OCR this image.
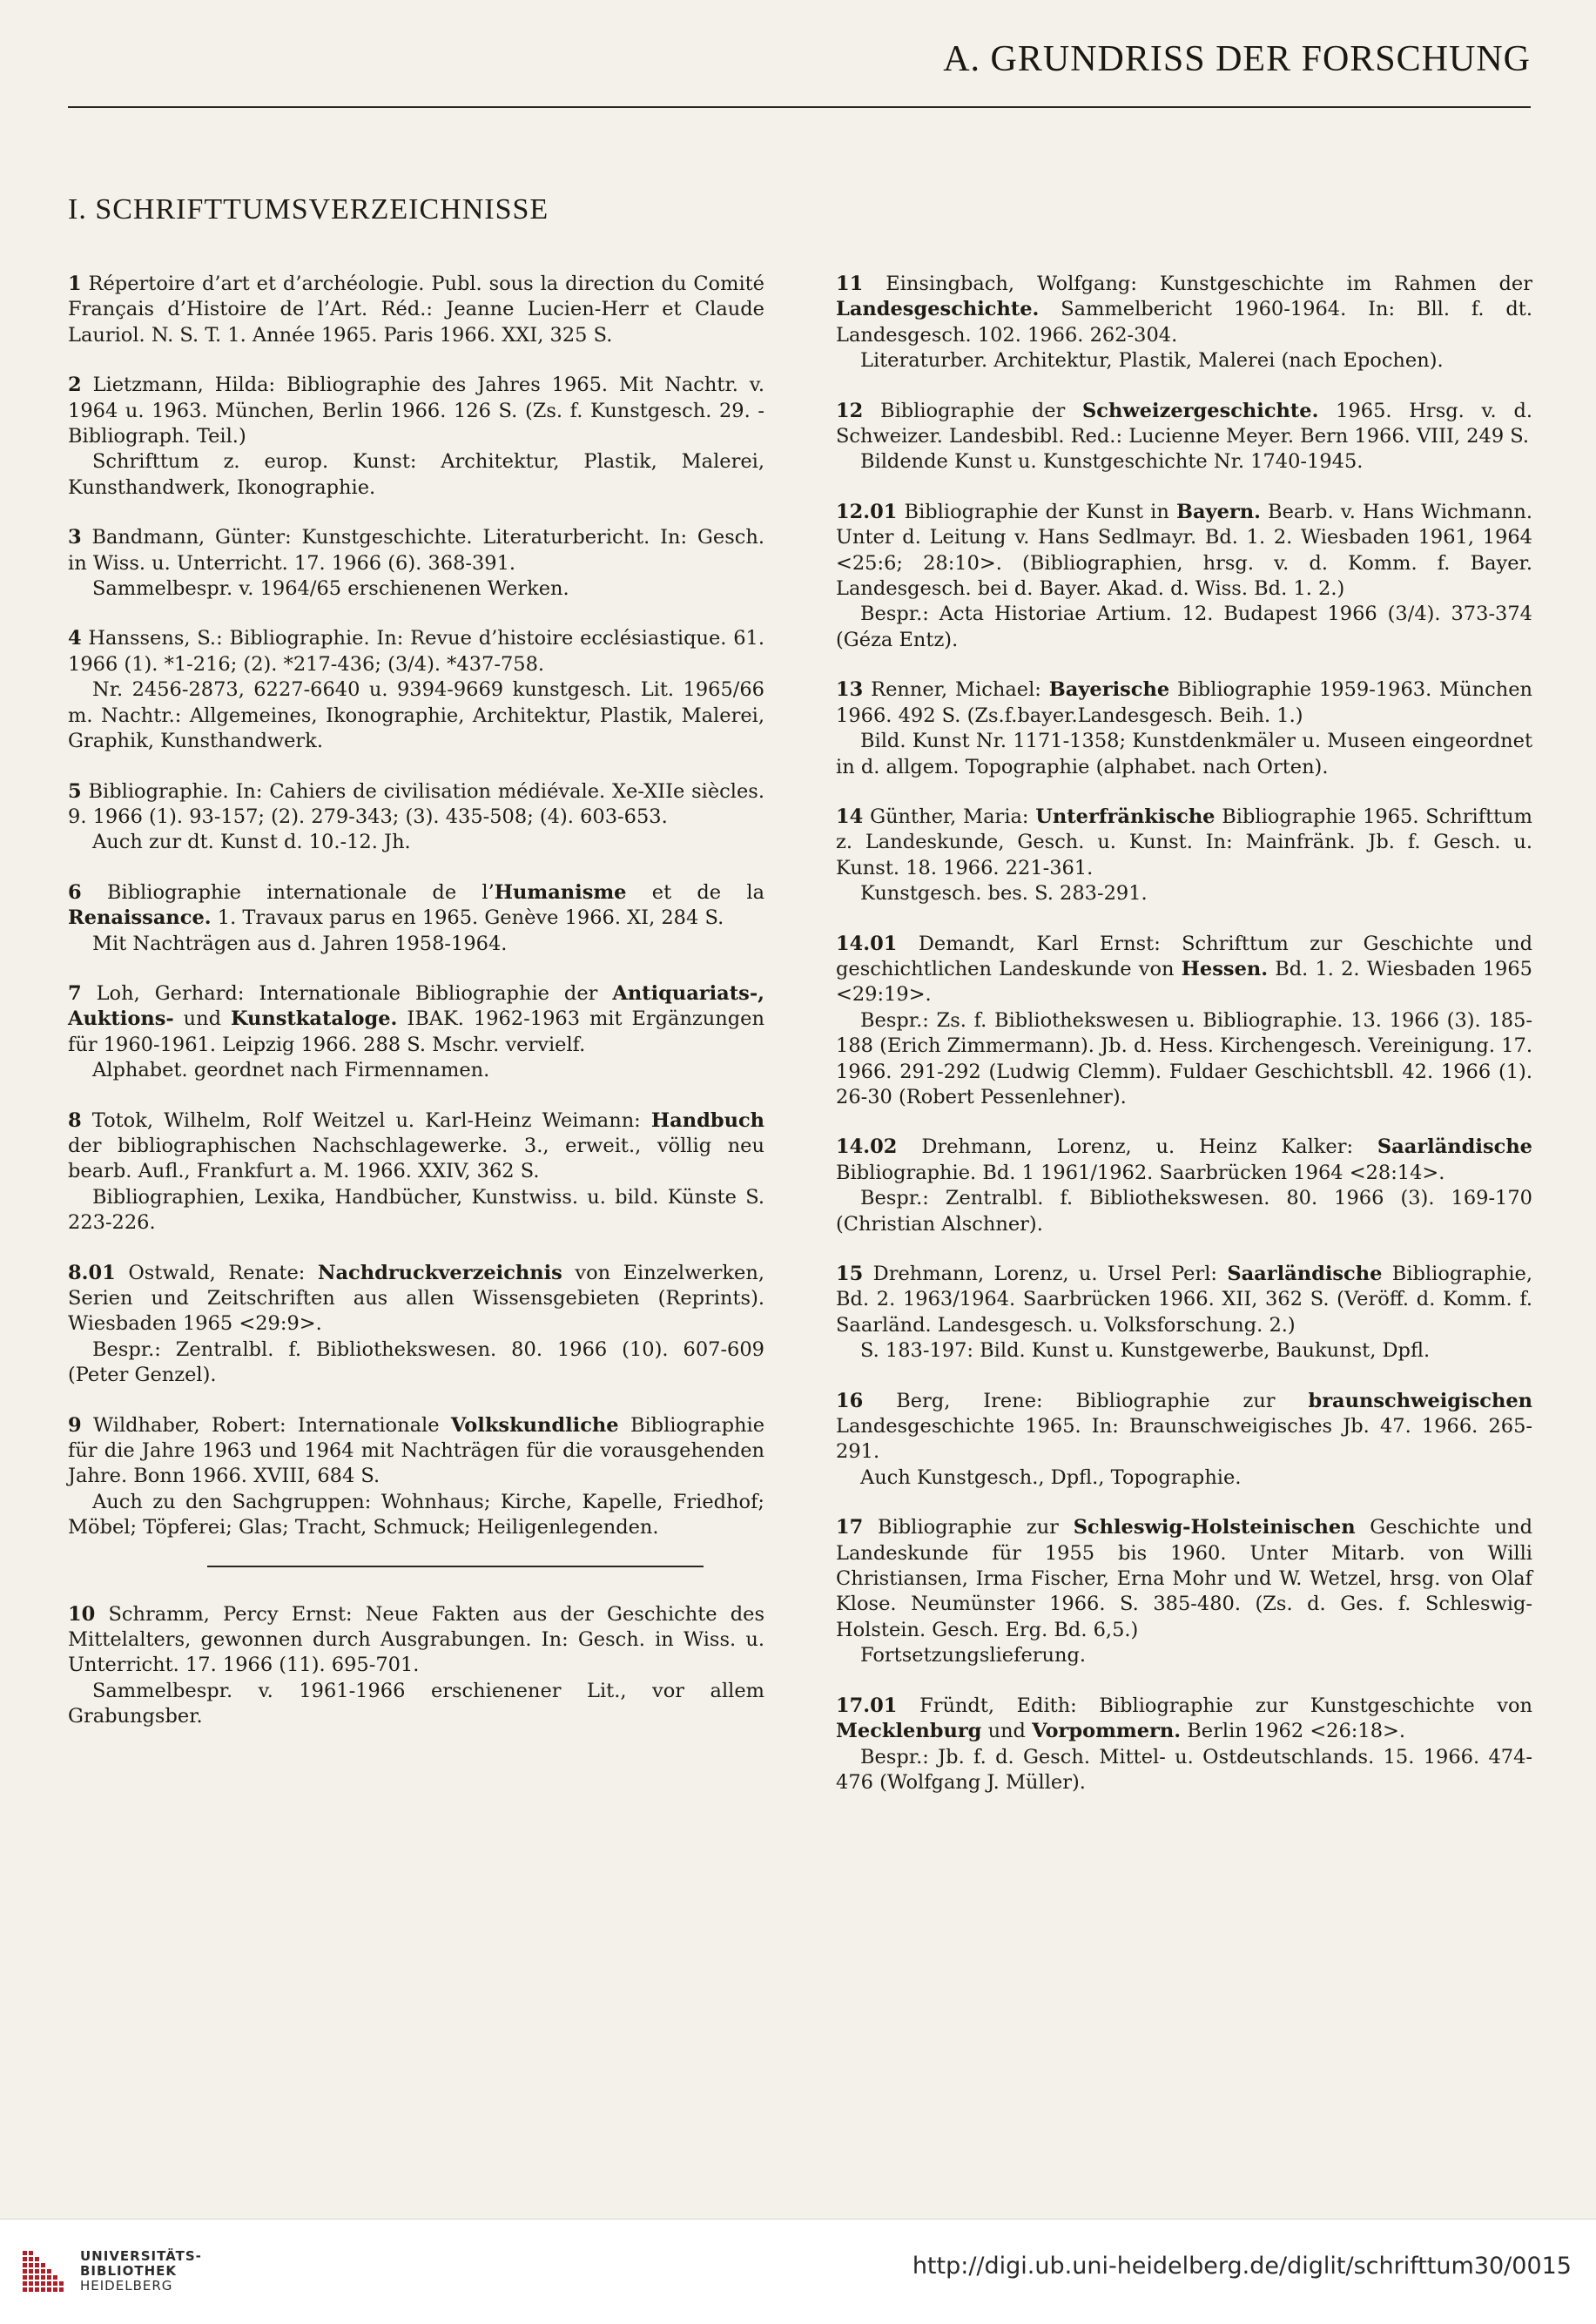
A. GRUNDRISS DER FORSCHUNG
I. SCHRIFTTUMSVERZEICHNISSE

1 Répertoire d’art et d’archéologie. Publ. sous la direction du Comité Français d’Histoire de l’Art. Réd.: Jeanne Lucien-Herr et Claude Lauriol. N. S. T. 1. Année 1965. Paris 1966. XXI, 325 S.

2 Lietzmann, Hilda: Bibliographie des Jahres 1965. Mit Nachtr. v. 1964 u. 1963. München, Berlin 1966. 126 S. (Zs. f. Kunstgesch. 29. - Bibliograph. Teil.)

Schrifttum z. europ. Kunst: Architektur, Plastik, Malerei, Kunsthandwerk, Ikonographie.

3 Bandmann, Günter: Kunstgeschichte. Literaturbericht. In: Gesch. in Wiss. u. Unterricht. 17. 1966 (6). 368-391.

Sammelbespr. v. 1964/65 erschienenen Werken.

4 Hanssens, S.: Bibliographie. In: Revue d’histoire ecclésiastique. 61. 1966 (1). *1-216; (2). *217-436; (3/4). *437-758.

Nr. 2456-2873, 6227-6640 u. 9394-9669 kunstgesch. Lit. 1965/66 m. Nachtr.: Allgemeines, Ikonographie, Architektur, Plastik, Malerei, Graphik, Kunsthandwerk.

5 Bibliographie. In: Cahiers de civilisation médiévale. Xe-XIIe siècles. 9. 1966 (1). 93-157; (2). 279-343; (3). 435-508; (4). 603-653.

Auch zur dt. Kunst d. 10.-12. Jh.

6 Bibliographie internationale de l’Humanisme et de la Renaissance. 1. Travaux parus en 1965. Genève 1966. XI, 284 S.

Mit Nachträgen aus d. Jahren 1958-1964.

7 Loh, Gerhard: Internationale Bibliographie der Antiquariats-, Auktions- und Kunstkataloge. IBAK. 1962-1963 mit Ergänzungen für 1960-1961. Leipzig 1966. 288 S. Mschr. vervielf.

Alphabet. geordnet nach Firmennamen.

8 Totok, Wilhelm, Rolf Weitzel u. Karl-Heinz Weimann: Handbuch der bibliographischen Nachschlagewerke. 3., erweit., völlig neu bearb. Aufl., Frankfurt a. M. 1966. XXIV, 362 S.

Bibliographien, Lexika, Handbücher, Kunstwiss. u. bild. Künste S. 223-226.

8.01 Ostwald, Renate: Nachdruckverzeichnis von Einzelwerken, Serien und Zeitschriften aus allen Wissensgebieten (Reprints). Wiesbaden 1965 <29:9>.

Bespr.: Zentralbl. f. Bibliothekswesen. 80. 1966 (10). 607-609 (Peter Genzel).

9 Wildhaber, Robert: Internationale Volkskundliche Bibliographie für die Jahre 1963 und 1964 mit Nachträgen für die vorausgehenden Jahre. Bonn 1966. XVIII, 684 S.

Auch zu den Sachgruppen: Wohnhaus; Kirche, Kapelle, Friedhof; Möbel; Töpferei; Glas; Tracht, Schmuck; Heiligenlegenden.

10 Schramm, Percy Ernst: Neue Fakten aus der Geschichte des Mittelalters, gewonnen durch Ausgrabungen. In: Gesch. in Wiss. u. Unterricht. 17. 1966 (11). 695-701.

Sammelbespr. v. 1961-1966 erschienener Lit., vor allem Grabungsber.

11 Einsingbach, Wolfgang: Kunstgeschichte im Rahmen der Landesgeschichte. Sammelbericht 1960-1964. In: Bll. f. dt. Landesgesch. 102. 1966. 262-304.

Literaturber. Architektur, Plastik, Malerei (nach Epochen).

12 Bibliographie der Schweizergeschichte. 1965. Hrsg. v. d. Schweizer. Landesbibl. Red.: Lucienne Meyer. Bern 1966. VIII, 249 S.

Bildende Kunst u. Kunstgeschichte Nr. 1740-1945.

12.01 Bibliographie der Kunst in Bayern. Bearb. v. Hans Wichmann. Unter d. Leitung v. Hans Sedlmayr. Bd. 1. 2. Wiesbaden 1961, 1964 <25:6; 28:10>. (Bibliographien, hrsg. v. d. Komm. f. Bayer. Landesgesch. bei d. Bayer. Akad. d. Wiss. Bd. 1. 2.)

Bespr.: Acta Historiae Artium. 12. Budapest 1966 (3/4). 373-374 (Géza Entz).

13 Renner, Michael: Bayerische Bibliographie 1959-1963. München 1966. 492 S. (Zs.f.bayer.Landesgesch. Beih. 1.)

Bild. Kunst Nr. 1171-1358; Kunstdenkmäler u. Museen eingeordnet in d. allgem. Topographie (alphabet. nach Orten).

14 Günther, Maria: Unterfränkische Bibliographie 1965. Schrifttum z. Landeskunde, Gesch. u. Kunst. In: Mainfränk. Jb. f. Gesch. u. Kunst. 18. 1966. 221-361.

Kunstgesch. bes. S. 283-291.

14.01 Demandt, Karl Ernst: Schrifttum zur Geschichte und geschichtlichen Landeskunde von Hessen. Bd. 1. 2. Wiesbaden 1965 <29:19>.

Bespr.: Zs. f. Bibliothekswesen u. Bibliographie. 13. 1966 (3). 185-188 (Erich Zimmermann). Jb. d. Hess. Kirchengesch. Vereinigung. 17. 1966. 291-292 (Ludwig Clemm). Fuldaer Geschichtsbll. 42. 1966 (1). 26-30 (Robert Pessenlehner).

14.02 Drehmann, Lorenz, u. Heinz Kalker: Saarländische Bibliographie. Bd. 1 1961/1962. Saarbrücken 1964 <28:14>.

Bespr.: Zentralbl. f. Bibliothekswesen. 80. 1966 (3). 169-170 (Christian Alschner).

15 Drehmann, Lorenz, u. Ursel Perl: Saarländische Bibliographie, Bd. 2. 1963/1964. Saarbrücken 1966. XII, 362 S. (Veröff. d. Komm. f. Saarländ. Landesgesch. u. Volksforschung. 2.)

S. 183-197: Bild. Kunst u. Kunstgewerbe, Baukunst, Dpfl.

16 Berg, Irene: Bibliographie zur braunschweigischen Landesgeschichte 1965. In: Braunschweigisches Jb. 47. 1966. 265-291.

Auch Kunstgesch., Dpfl., Topographie.

17 Bibliographie zur Schleswig-Holsteinischen Geschichte und Landeskunde für 1955 bis 1960. Unter Mitarb. von Willi Christiansen, Irma Fischer, Erna Mohr und W. Wetzel, hrsg. von Olaf Klose. Neumünster 1966. S. 385-480. (Zs. d. Ges. f. Schleswig-Holstein. Gesch. Erg. Bd. 6,5.)

Fortsetzungslieferung.

17.01 Fründt, Edith: Bibliographie zur Kunstgeschichte von Mecklenburg und Vorpommern. Berlin 1962 <26:18>.

Bespr.: Jb. f. d. Gesch. Mittel- u. Ostdeutschlands. 15. 1966. 474-476 (Wolfgang J. Müller).

UNIVERSITÄTS-
BIBLIOTHEK
HEIDELBERG
http://digi.ub.uni-heidelberg.de/diglit/schrifttum30/0015
